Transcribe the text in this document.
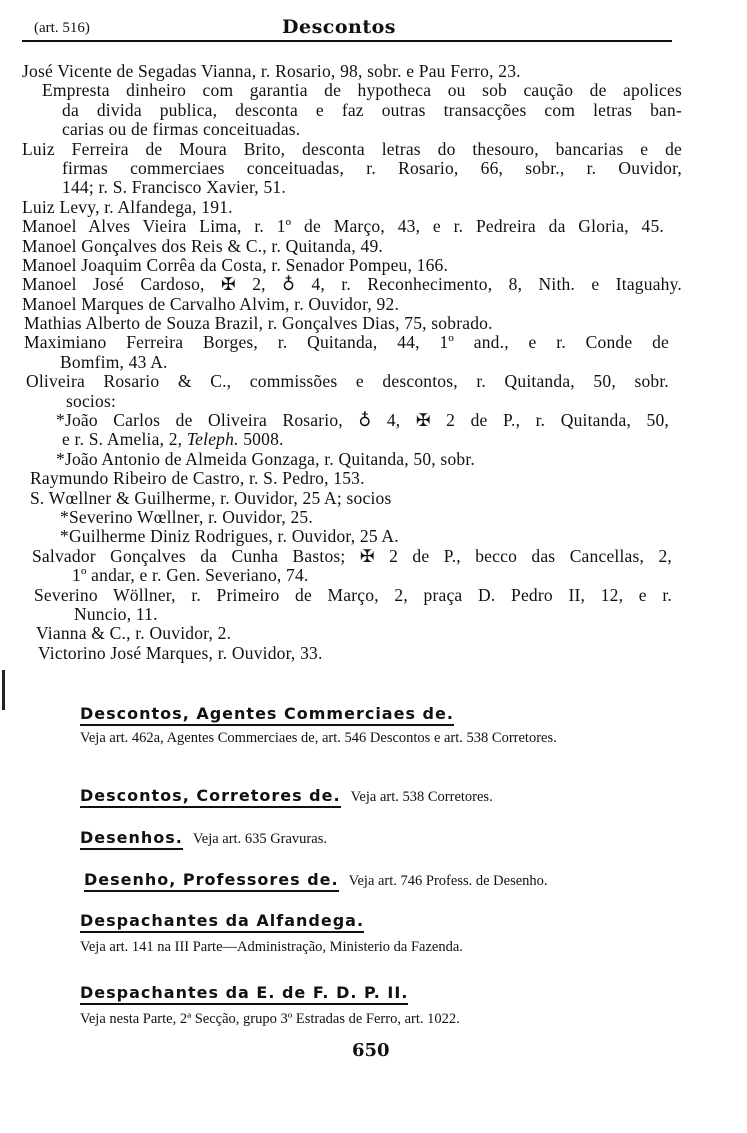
(art. 516)	Descontos
José Vicente de Segadas Vianna, r. Rosario, 98, sobr. e Pau Ferro, 23.
Empresta dinheiro com garantia de hypotheca ou sob caução de apolices
da divida publica, desconta e faz outras transacções com letras ban-
carias ou de firmas conceituadas.
Luiz Ferreira de Moura Brito, desconta letras do thesouro, bancarias e de
firmas commerciaes conceituadas, r. Rosario, 66, sobr., r. Ouvidor,
144; r. S. Francisco Xavier, 51.
Luiz Levy, r. Alfandega, 191.
Manoel Alves Vieira Lima, r. 1º de Março, 43, e r. Pedreira da Gloria, 45.
Manoel Gonçalves dos Reis & C., r. Quitanda, 49.
Manoel Joaquim Corrêa da Costa, r. Senador Pompeu, 166.
Manoel José Cardoso, ✠ 2, ♁ 4, r. Reconhecimento, 8, Nith. e Itaguahy.
Manoel Marques de Carvalho Alvim, r. Ouvidor, 92.
Mathias Alberto de Souza Brazil, r. Gonçalves Dias, 75, sobrado.
Maximiano Ferreira Borges, r. Quitanda, 44, 1º and., e r. Conde de
Bomfim, 43 A.
Oliveira Rosario & C., commissões e descontos, r. Quitanda, 50, sobr.
socios:
*João Carlos de Oliveira Rosario, ♁ 4, ✠ 2 de P., r. Quitanda, 50,
e r. S. Amelia, 2, Teleph. 5008.
*João Antonio de Almeida Gonzaga, r. Quitanda, 50, sobr.
Raymundo Ribeiro de Castro, r. S. Pedro, 153.
S. Wœllner & Guilherme, r. Ouvidor, 25 A; socios
*Severino Wœllner, r. Ouvidor, 25.
*Guilherme Diniz Rodrigues, r. Ouvidor, 25 A.
Salvador Gonçalves da Cunha Bastos; ✠ 2 de P., becco das Cancellas, 2,
1º andar, e r. Gen. Severiano, 74.
Severino Wöllner, r. Primeiro de Março, 2, praça D. Pedro II, 12, e r.
Nuncio, 11.
Vianna & C., r. Ouvidor, 2.
Victorino José Marques, r. Ouvidor, 33.
Descontos, Agentes Commerciaes de.
Veja art. 462a, Agentes Commerciaes de, art. 546 Descontos e art. 538 Corretores.
Descontos, Corretores de. Veja art. 538 Corretores.
Desenhos. Veja art. 635 Gravuras.
Desenho, Professores de. Veja art. 746 Profess. de Desenho.
Despachantes da Alfandega.
Veja art. 141 na III Parte—Administração, Ministerio da Fazenda.
Despachantes da E. de F. D. P. II.
Veja nesta Parte, 2ª Secção, grupo 3º Estradas de Ferro, art. 1022.
650
